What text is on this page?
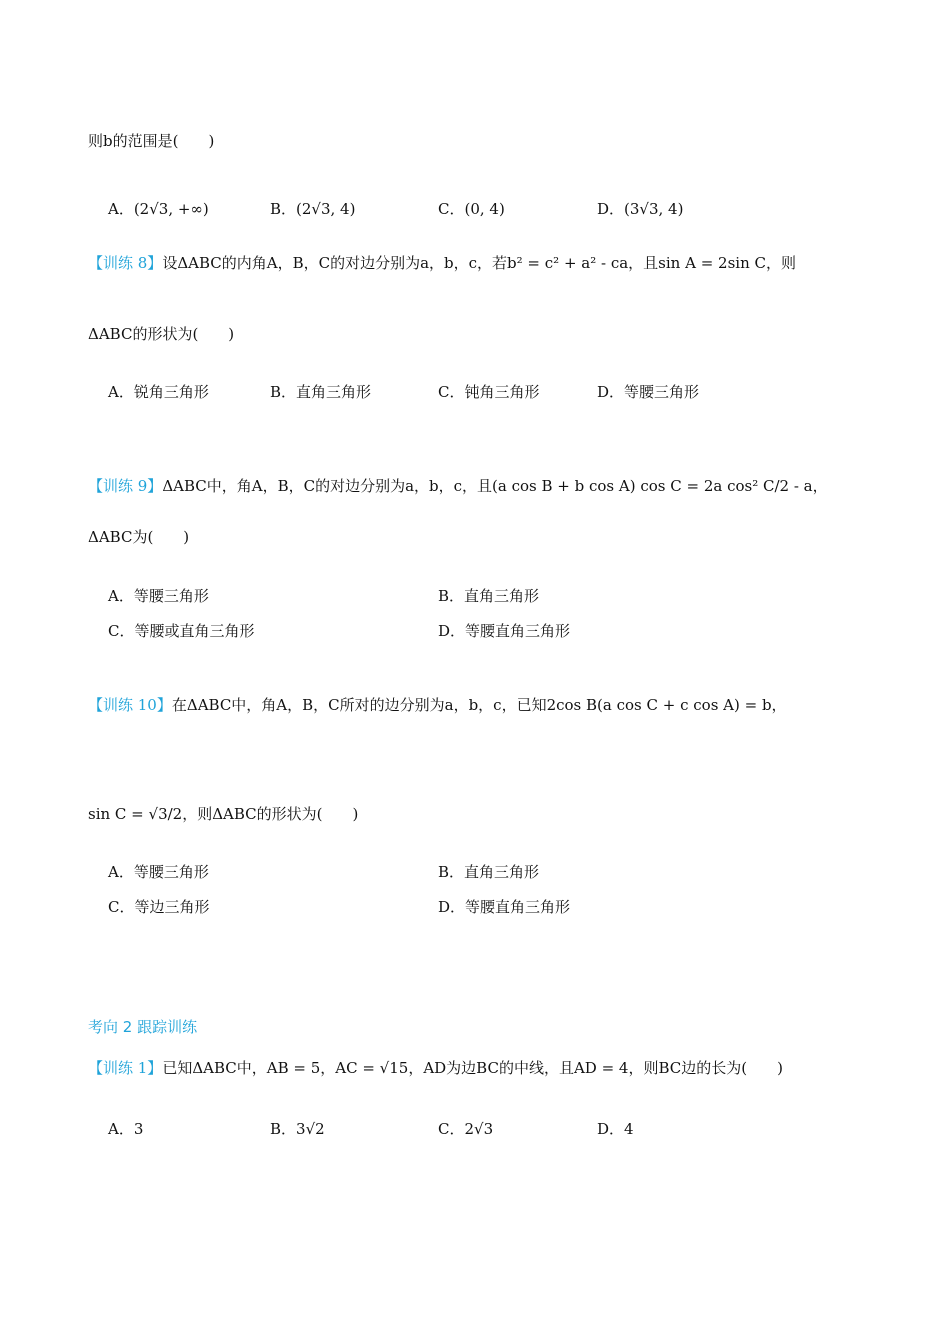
则b的范围是(　　)
A．(2√3, +∞)	B．(2√3, 4)	C．(0, 4)	D．(3√3, 4)
【训练 8】设ΔABC的内角A，B，C的对边分别为a，b，c，若b² = c² + a² - ca，且sin A = 2sin C，则
ΔABC的形状为(　　)
A．锐角三角形	B．直角三角形	C．钝角三角形	D．等腰三角形
【训练 9】ΔABC中，角A，B，C的对边分别为a，b，c，且(a cos B + b cos A) cos C = 2a cos² C/2 - a，
ΔABC为(　　)
A．等腰三角形	B．直角三角形
C．等腰或直角三角形	D．等腰直角三角形
【训练 10】在ΔABC中，角A，B，C所对的边分别为a，b，c，已知2cos B(a cos C + c cos A) = b，
sin C = √3/2，则ΔABC的形状为(　　)
A．等腰三角形	B．直角三角形
C．等边三角形	D．等腰直角三角形
考向 2 跟踪训练
【训练 1】已知ΔABC中，AB = 5，AC = √15，AD为边BC的中线，且AD = 4，则BC边的长为(　　)
A．3	B．3√2	C．2√3	D．4
